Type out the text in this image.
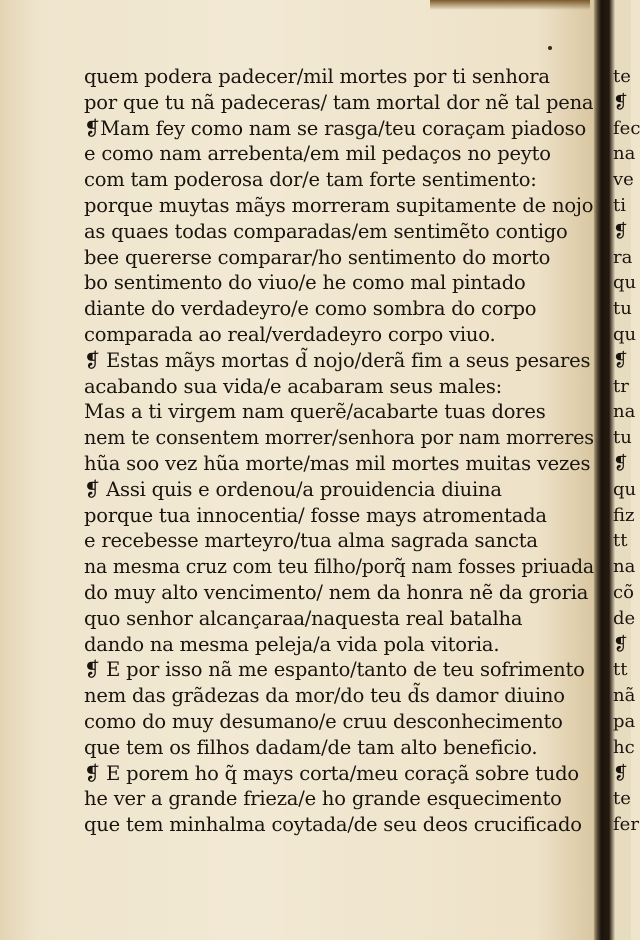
quem podera padecer/mil mortes por ti senhora
por que tu nã padeceras/ tam mortal dor nẽ tal pena
❡Mam fey como nam se rasga/teu coraçam piadoso
e como nam arrebenta/em mil pedaços no peyto
com tam poderosa dor/e tam forte sentimento:
porque muytas mãys morreram supitamente de nojo
as quaes todas comparadas/em sentimẽto contigo
bee quererse comparar/ho sentimento do morto
bo sentimento do viuo/e he como mal pintado
diante do verdadeyro/e como sombra do corpo
comparada ao real/verdadeyro corpo viuo.
❡ Estas mãys mortas d̃ nojo/derã fim a seus pesares
acabando sua vida/e acabaram seus males:
Mas a ti virgem nam querẽ/acabarte tuas dores
nem te consentem morrer/senhora por nam morreres
hũa soo vez hũa morte/mas mil mortes muitas vezes
❡ Assi quis e ordenou/a prouidencia diuina
porque tua innocentia/ fosse mays atromentada
e recebesse marteyro/tua alma sagrada sancta
na mesma cruz com teu filho/porq̃ nam fosses priuada
do muy alto vencimento/ nem da honra nẽ da groria
quo senhor alcançaraa/naquesta real batalha
dando na mesma peleja/a vida pola vitoria.
❡ E por isso nã me espanto/tanto de teu sofrimento
nem das grãdezas da mor/do teu d̃s damor diuino
como do muy desumano/e cruu desconhecimento
que tem os filhos dadam/de tam alto beneficio.
❡ E porem ho q̃ mays corta/meu coraçã sobre tudo
he ver a grande frieza/e ho grande esquecimento
que tem minhalma coytada/de seu deos crucificado
te
❡
fec
na
ve
ti
❡
ra
qu
tu
qu
❡
tr
na
tu
❡
qu
fiz
tt
na
cõ
de
❡
tt
nã
pa
hc
❡
te
fer
